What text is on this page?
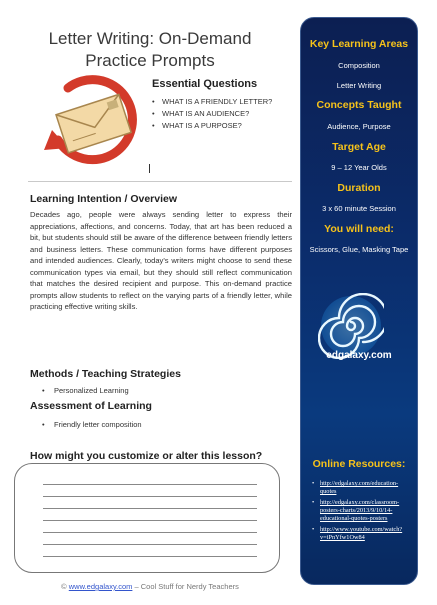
Letter Writing: On-Demand
Practice Prompts
Essential Questions
• WHAT IS A FRIENDLY LETTER?
• WHAT IS AN AUDIENCE?
• WHAT IS A PURPOSE?
Learning Intention / Overview
Decades ago, people were always sending letter to express their appreciations, affections, and concerns. Today, that art has been reduced a bit, but students should still be aware of the difference between friendly letters and business letters. These communication forms have different purposes and intended audiences. Clearly, today's writers might choose to send these communication types via email, but they should still reflect communication that matches the desired recipient and purpose. This on-demand practice prompts allow students to reflect on the varying parts of a friendly letter, while practicing effective writing skills.
Methods / Teaching Strategies
• Personalized Learning
Assessment of Learning
• Friendly letter composition
How might you customize or alter this lesson?
© www.edgalaxy.com – Cool Stuff for Nerdy Teachers
Key Learning Areas
Composition
Letter Writing
Concepts Taught
Audience, Purpose
Target Age
9 – 12 Year Olds
Duration
3 x 60 minute Session
You will need:
Scissors, Glue, Masking Tape
edgalaxy.com
Online Resources:
• http://edgalaxy.com/education-quotes
• http://edgalaxy.com/classroom-posters-charts/2013/9/10/14-educational-quotes-posters
• http://www.youtube.com/watch?v=iPnYfw1Ow84
